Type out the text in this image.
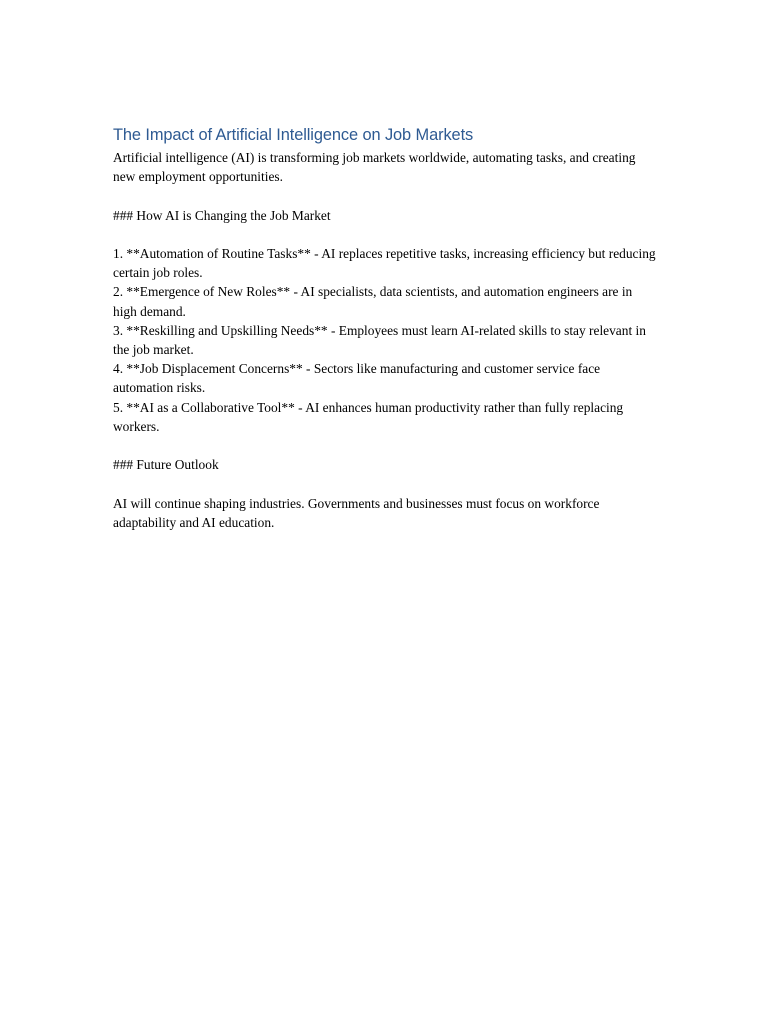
The Impact of Artificial Intelligence on Job Markets

Artificial intelligence (AI) is transforming job markets worldwide, automating tasks, and creating new employment opportunities.

### How AI is Changing the Job Market

1. **Automation of Routine Tasks** - AI replaces repetitive tasks, increasing efficiency but reducing certain job roles.
2. **Emergence of New Roles** - AI specialists, data scientists, and automation engineers are in high demand.
3. **Reskilling and Upskilling Needs** - Employees must learn AI-related skills to stay relevant in the job market.
4. **Job Displacement Concerns** - Sectors like manufacturing and customer service face automation risks.
5. **AI as a Collaborative Tool** - AI enhances human productivity rather than fully replacing workers.

### Future Outlook

AI will continue shaping industries. Governments and businesses must focus on workforce adaptability and AI education.
